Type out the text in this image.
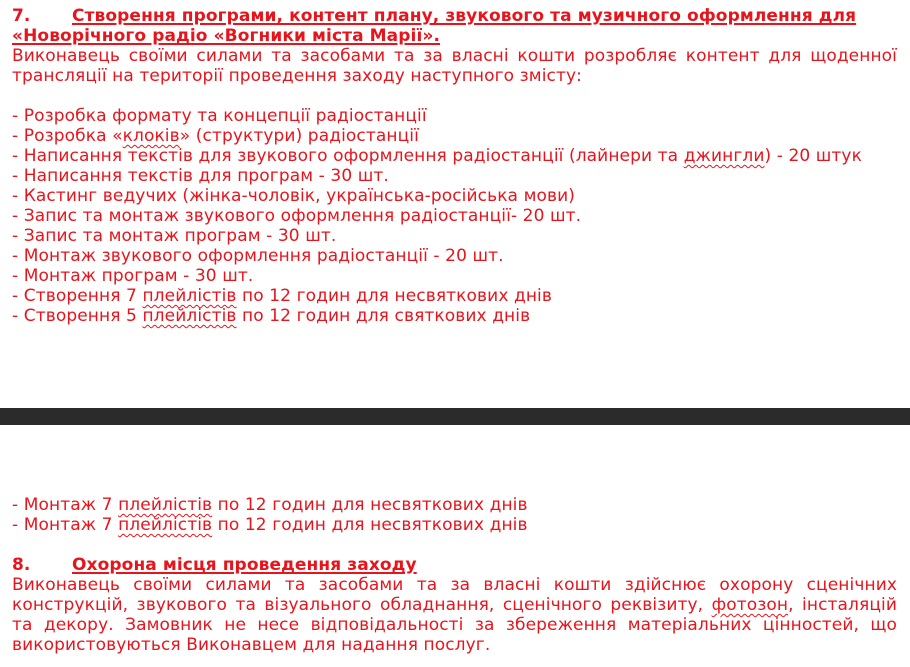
7. Створення програми, контент плану, звукового та музичного оформлення для
«Новорічного радіо «Вогники міста Марії».
Виконавець своїми силами та засобами та за власні кошти розробляє контент для щоденної трансляції на території проведення заходу наступного змісту:
- Розробка формату та концепції радіостанції
- Розробка «клоків» (структури) радіостанції
- Написання текстів для звукового оформлення радіостанції (лайнери та джингли) - 20 штук
- Написання текстів для програм - 30 шт.
- Кастинг ведучих (жінка-чоловік, українська-російська мови)
- Запис та монтаж звукового оформлення радіостанції- 20 шт.
- Запис та монтаж програм - 30 шт.
- Монтаж звукового оформлення радіостанції - 20 шт.
- Монтаж програм - 30 шт.
- Створення 7 плейлістів по 12 годин для несвяткових днів
- Створення 5 плейлістів по 12 годин для святкових днів
- Монтаж 7 плейлістів по 12 годин для несвяткових днів
- Монтаж 7 плейлістів по 12 годин для несвяткових днів
8. Охорона місця проведення заходу
Виконавець своїми силами та засобами та за власні кошти здійснює охорону сценічних конструкцій, звукового та візуального обладнання, сценічного реквізиту, фотозон, інсталяцій та декору. Замовник не несе відповідальності за збереження матеріальних цінностей, що використовуються Виконавцем для надання послуг.
